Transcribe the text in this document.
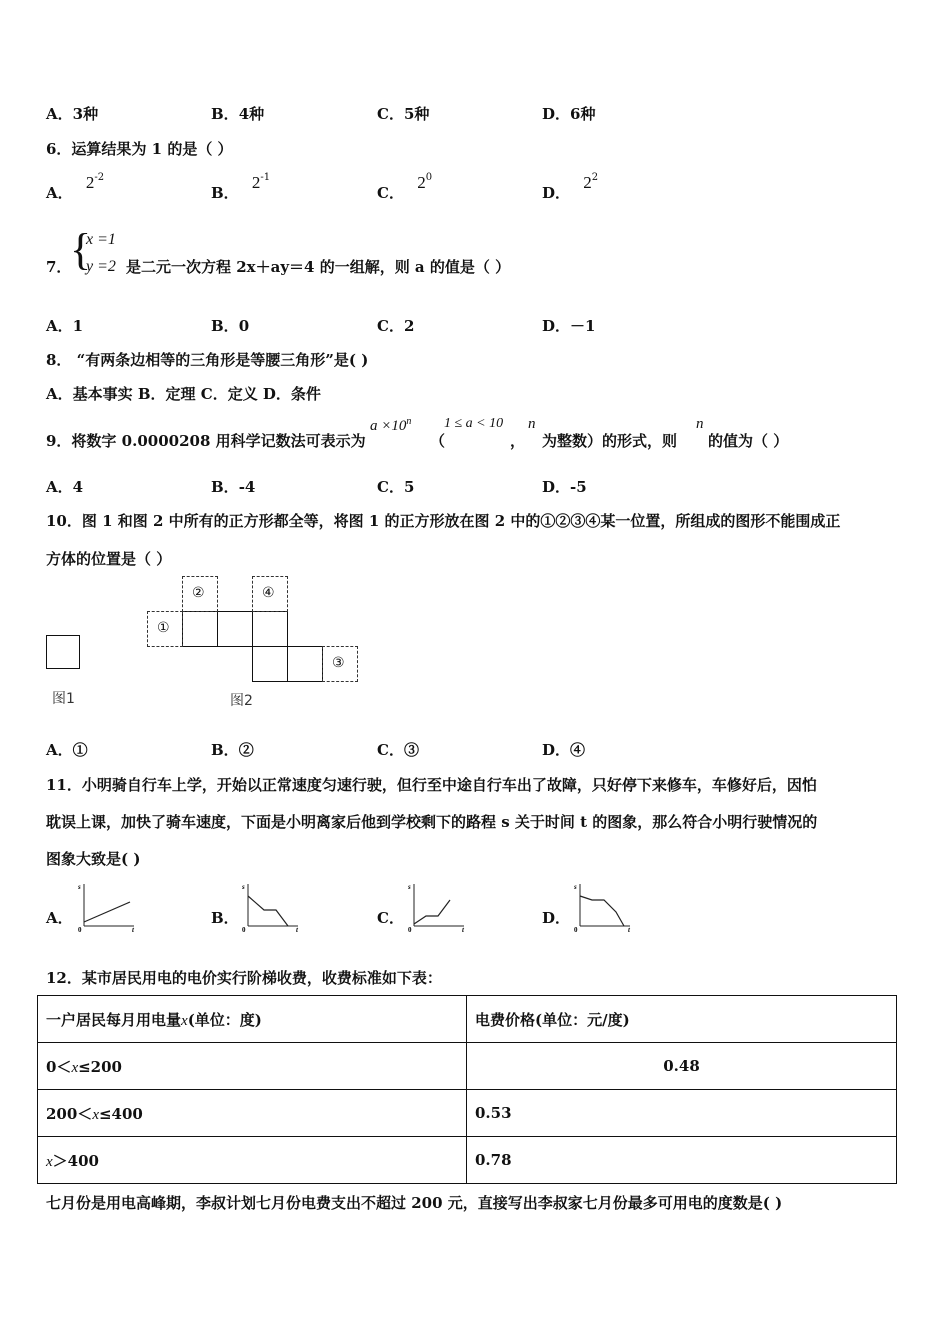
A．3种	B．4种	C．5种	D．6种
6．运算结果为 1 的是（ ）
A． $2^{-2}$
B． $2^{-1}$
C． $2^0$
D． $2^2$
7．
{
x =1
y =2 是二元一次方程 2x＋ay＝4 的一组解，则 a 的值是（ ）
A．1	B．0	C．2	D．－1
8． “有两条边相等的三角形是等腰三角形”是( )
A．基本事实 B．定理 C．定义 D．条件
9．将数字 0.0000208 用科学记数法可表示为
$a \times 10^n$
（
1 ≤ a < 10
，
n
为整数）的形式，则
n
的值为（ ）
A．4	B．-4	C．5	D．-5
10．图 1 和图 2 中所有的正方形都全等，将图 1 的正方形放在图 2 中的①②③④某一位置，所组成的图形不能围成正
方体的位置是（ ）
图1
①
②
③
④
图2
A．①	B．②	C．③	D．④
11．小明骑自行车上学，开始以正常速度匀速行驶，但行至中途自行车出了故障，只好停下来修车，车修好后，因怕
耽误上课，加快了骑车速度，下面是小明离家后他到学校剩下的路程 s 关于时间 t 的图象，那么符合小明行驶情况的
图象大致是( )
A．	B．	C．	D．
s
0	t
s
0	t
s
0	t
s
0	t
12．某市居民用电的电价实行阶梯收费，收费标准如下表：
一户居民每月用电量x(单位：度)	电费价格(单位：元/度)
0＜x≤200	0.48
200＜x≤400	0.53
x＞400	0.78
七月份是用电高峰期，李叔计划七月份电费支出不超过 200 元，直接写出李叔家七月份最多可用电的度数是( )
